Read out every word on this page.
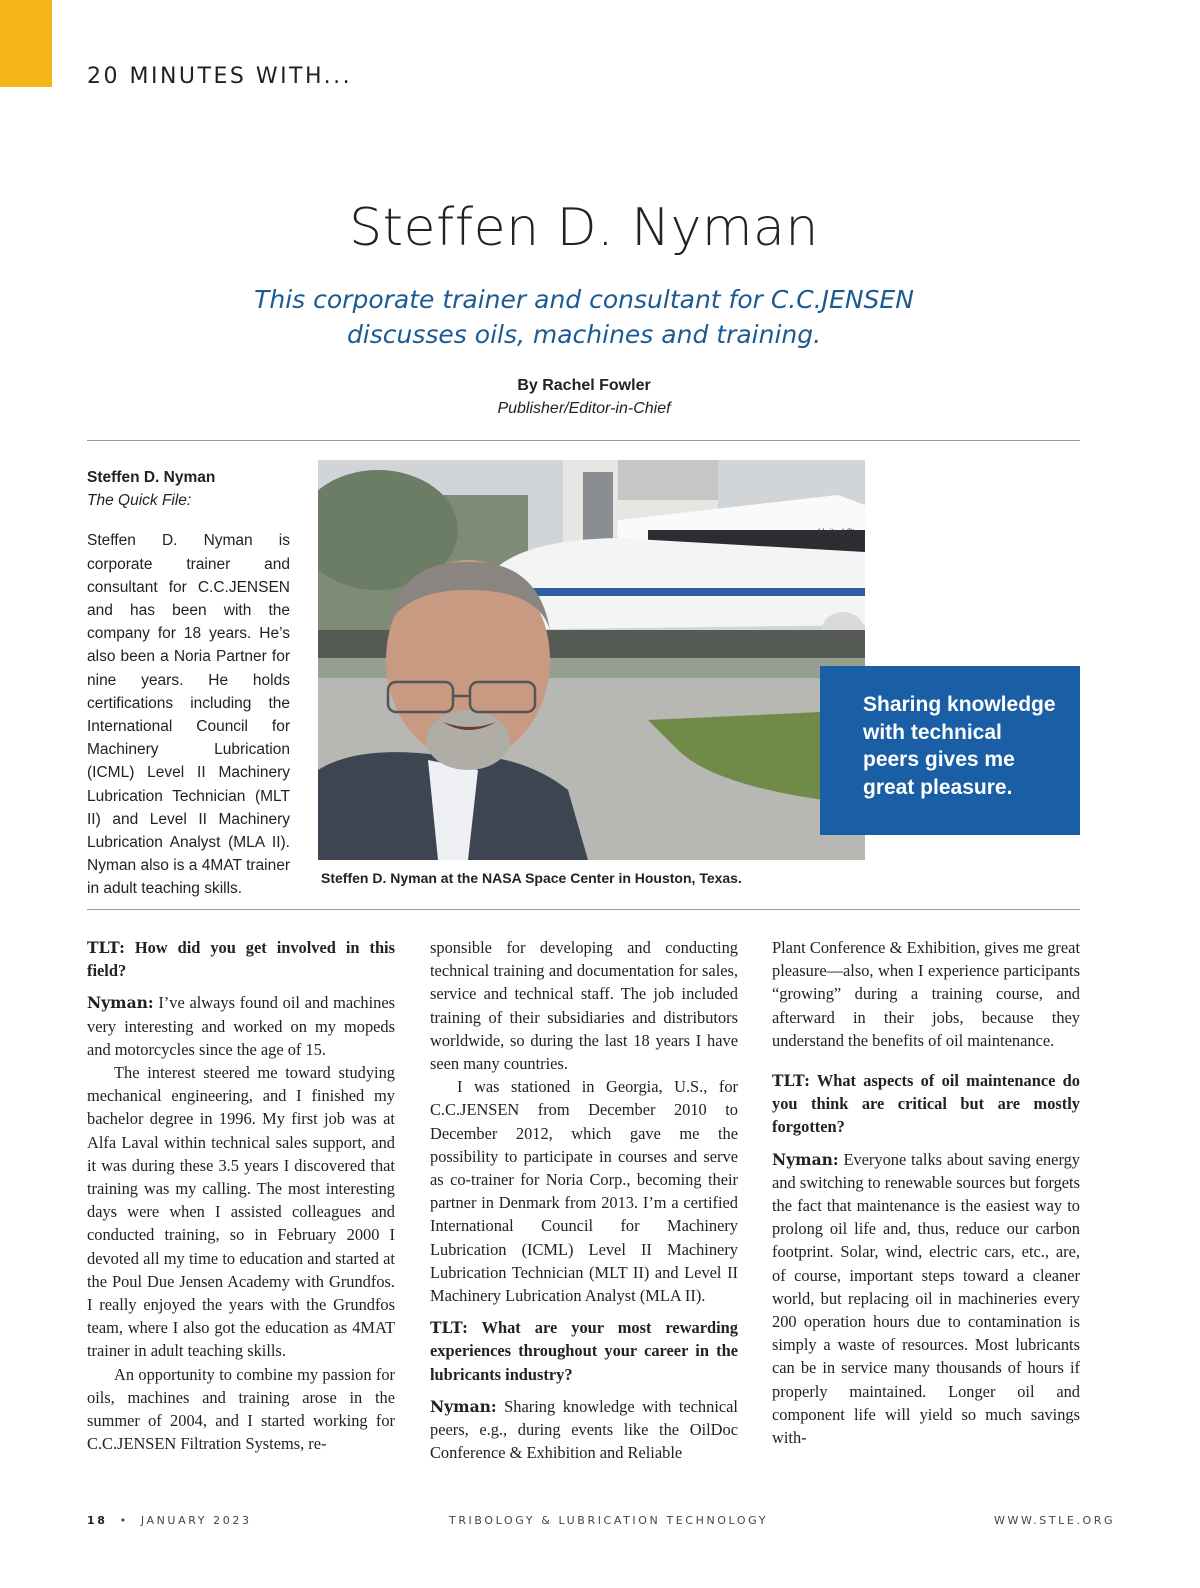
20 MINUTES WITH...
Steffen D. Nyman
This corporate trainer and consultant for C.C.JENSEN
discusses oils, machines and training.
By Rachel Fowler
Publisher/Editor-in-Chief
Steffen D. Nyman
The Quick File:
Steffen D. Nyman is corporate trainer and consultant for C.C.JENSEN and has been with the company for 18 years. He’s also been a Noria Partner for nine years. He holds certifications including the International Council for Machinery Lubrication (ICML) Level II Machinery Lubrication Technician (MLT II) and Level II Machinery Lubrication Analyst (MLA II). Nyman also is a 4MAT trainer in adult teaching skills.
United St...
Steffen D. Nyman at the NASA Space Center in Houston, Texas.
Sharing knowledge with technical peers gives me great pleasure.

TLT: How did you get involved in this field?

Nyman: I’ve always found oil and machines very interesting and worked on my mopeds and motorcycles since the age of 15.

The interest steered me toward studying mechanical engineering, and I finished my bachelor degree in 1996. My first job was at Alfa Laval within technical sales support, and it was during these 3.5 years I discovered that training was my calling. The most interesting days were when I assisted colleagues and conducted training, so in February 2000 I devoted all my time to education and started at the Poul Due Jensen Academy with Grundfos. I really enjoyed the years with the Grundfos team, where I also got the education as 4MAT trainer in adult teaching skills.

An opportunity to combine my passion for oils, machines and training arose in the summer of 2004, and I started working for C.C.JENSEN Filtration Systems, re-

sponsible for developing and conducting technical training and documentation for sales, service and technical staff. The job included training of their subsidiaries and distributors worldwide, so during the last 18 years I have seen many countries.

I was stationed in Georgia, U.S., for C.C.JENSEN from December 2010 to December 2012, which gave me the possibility to participate in courses and serve as co-trainer for Noria Corp., becoming their partner in Denmark from 2013. I’m a certified International Council for Machinery Lubrication (ICML) Level II Machinery Lubrication Technician (MLT II) and Level II Machinery Lubrication Analyst (MLA II).

TLT: What are your most rewarding experiences throughout your career in the lubricants industry?

Nyman: Sharing knowledge with technical peers, e.g., during events like the OilDoc Conference & Exhibition and Reliable

Plant Conference & Exhibition, gives me great pleasure—also, when I experience participants “growing” during a training course, and afterward in their jobs, because they understand the benefits of oil maintenance.

TLT: What aspects of oil maintenance do you think are critical but are mostly forgotten?

Nyman: Everyone talks about saving energy and switching to renewable sources but forgets the fact that maintenance is the easiest way to prolong oil life and, thus, reduce our carbon footprint. Solar, wind, electric cars, etc., are, of course, important steps toward a cleaner world, but replacing oil in machineries every 200 operation hours due to contamination is simply a waste of resources. Most lubricants can be in service many thousands of hours if properly maintained. Longer oil and component life will yield so much savings with-

18 • JANUARY 2023	TRIBOLOGY & LUBRICATION TECHNOLOGY	WWW.STLE.ORG
